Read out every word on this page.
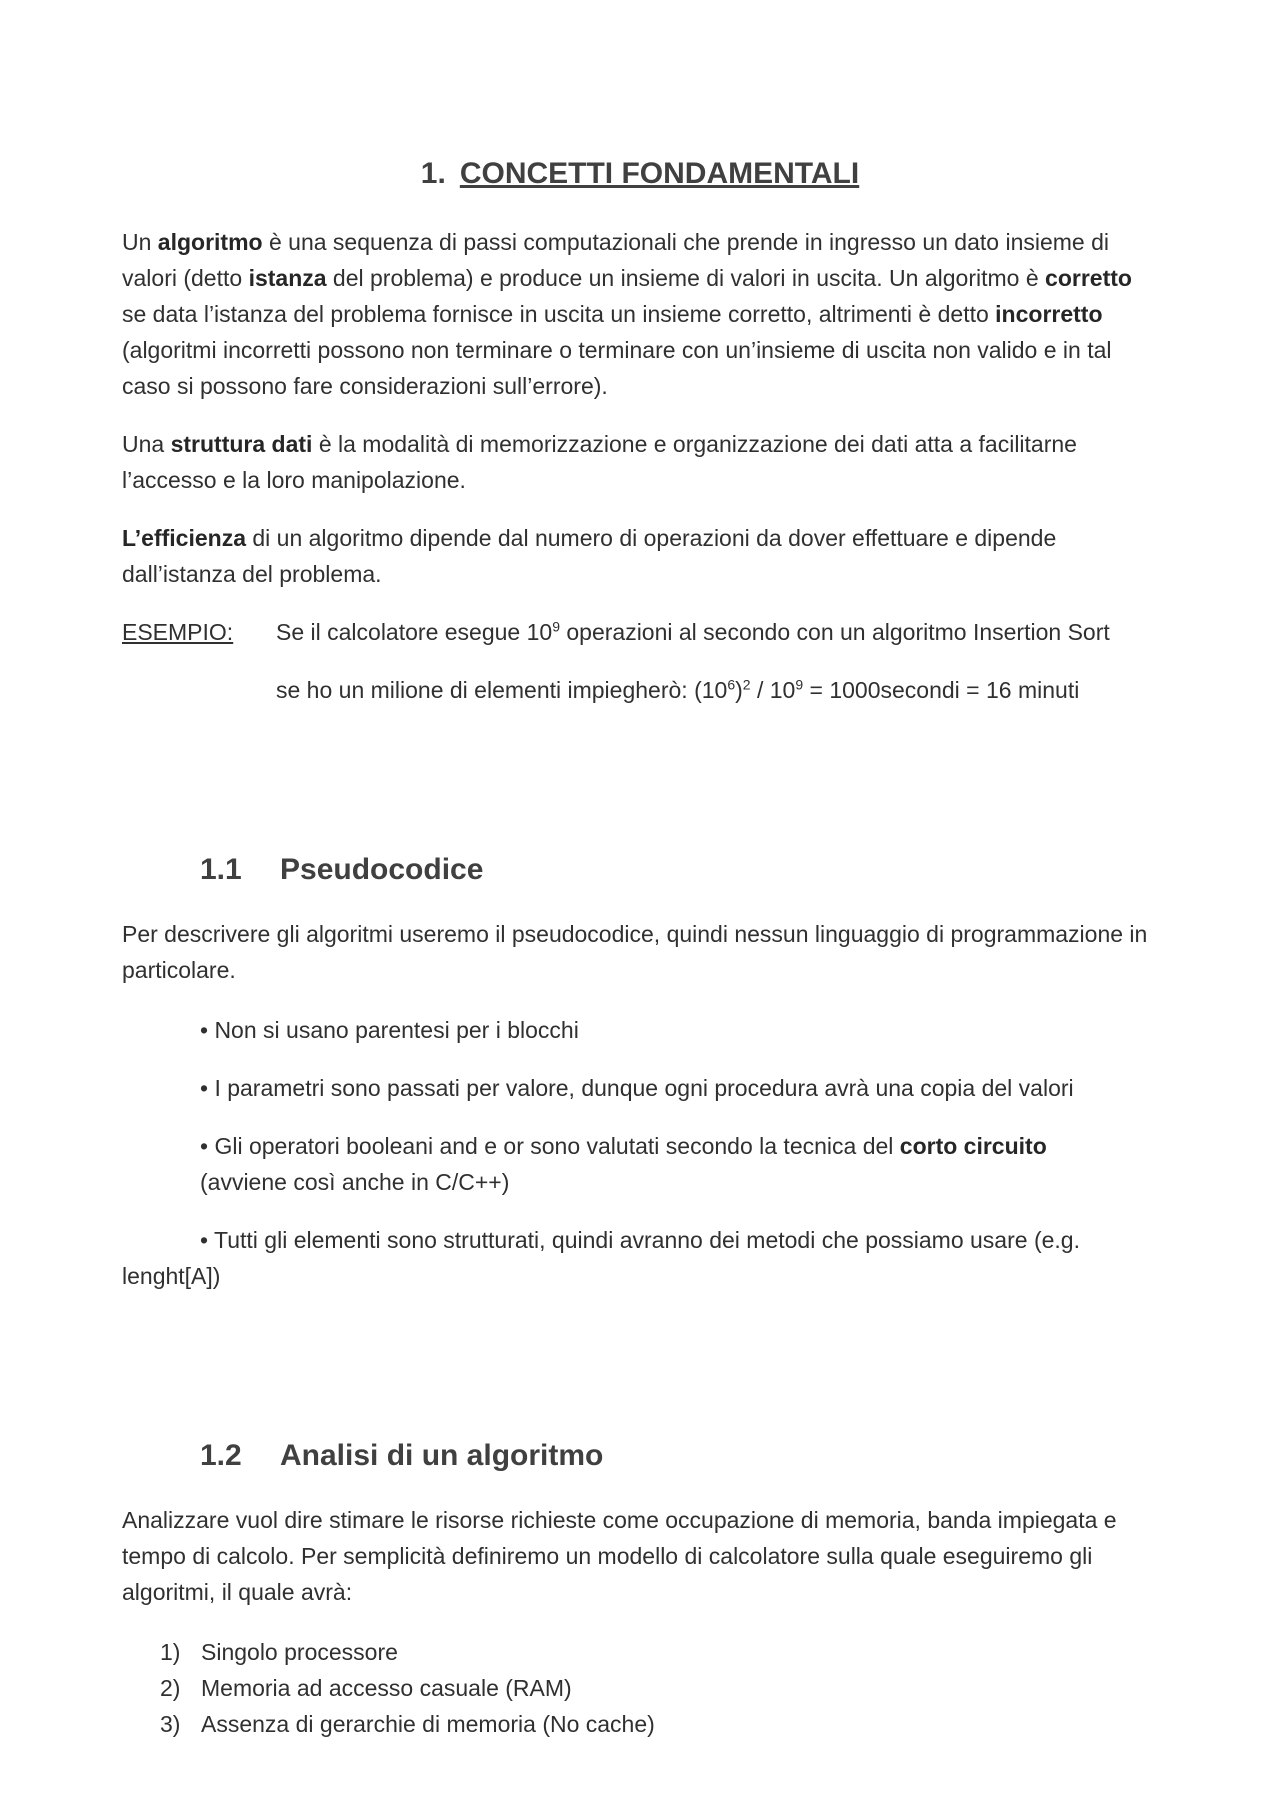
1. CONCETTI FONDAMENTALI
Un algoritmo è una sequenza di passi computazionali che prende in ingresso un dato insieme di valori (detto istanza del problema) e produce un insieme di valori in uscita. Un algoritmo è corretto se data l’istanza del problema fornisce in uscita un insieme corretto, altrimenti è detto incorretto (algoritmi incorretti possono non terminare o terminare con un’insieme di uscita non valido e in tal caso si possono fare considerazioni sull’errore).
Una struttura dati è la modalità di memorizzazione e organizzazione dei dati atta a facilitarne l’accesso e la loro manipolazione.
L’efficienza di un algoritmo dipende dal numero di operazioni da dover effettuare e dipende dall’istanza del problema.
ESEMPIO: Se il calcolatore esegue $10^9$ operazioni al secondo con un algoritmo Insertion Sort
se ho un milione di elementi impiegherò: $(10^6)^2 / 10^9$ = 1000secondi = 16 minuti
1.1 Pseudocodice
Per descrivere gli algoritmi useremo il pseudocodice, quindi nessun linguaggio di programmazione in particolare.
• Non si usano parentesi per i blocchi
• I parametri sono passati per valore, dunque ogni procedura avrà una copia del valori
• Gli operatori booleani and e or sono valutati secondo la tecnica del corto circuito (avviene così anche in C/C++)
• Tutti gli elementi sono strutturati, quindi avranno dei metodi che possiamo usare (e.g. lenght[A])
1.2 Analisi di un algoritmo
Analizzare vuol dire stimare le risorse richieste come occupazione di memoria, banda impiegata e tempo di calcolo. Per semplicità definiremo un modello di calcolatore sulla quale eseguiremo gli algoritmi, il quale avrà:
1) Singolo processore
2) Memoria ad accesso casuale (RAM)
3) Assenza di gerarchie di memoria (No cache)
